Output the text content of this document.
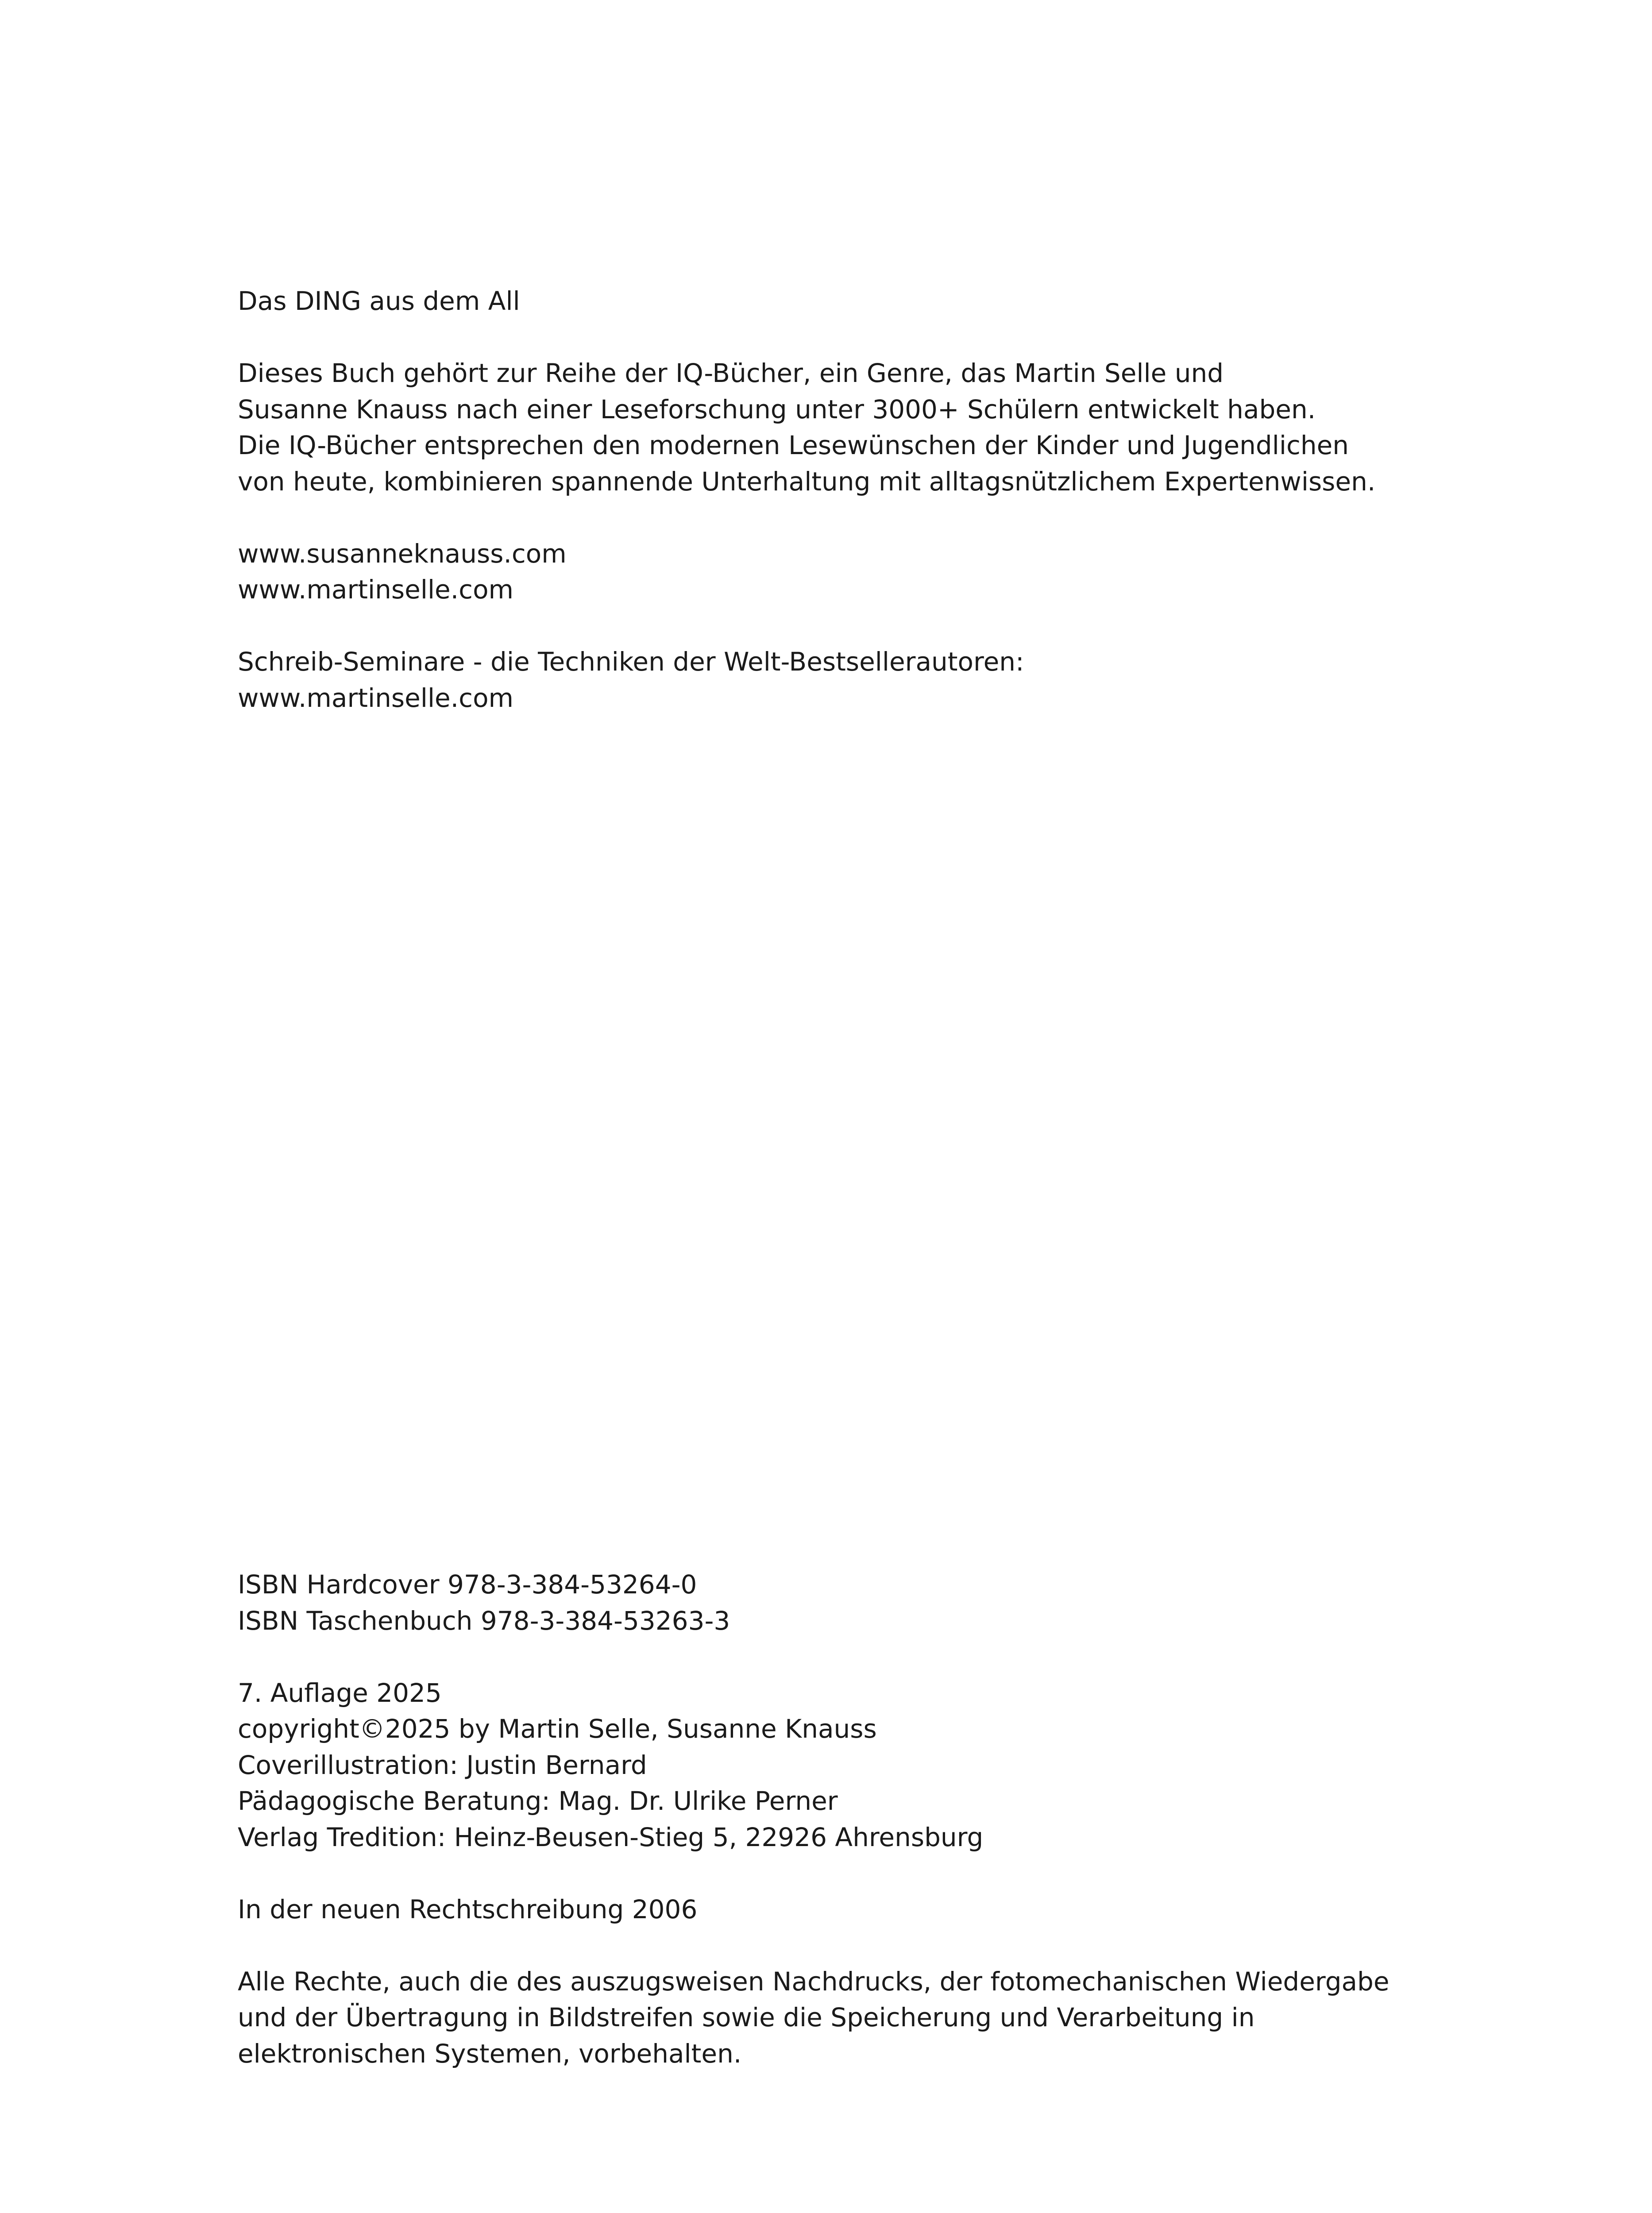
Das DING aus dem All
Dieses Buch gehört zur Reihe der IQ-Bücher, ein Genre, das Martin Selle und
Susanne Knauss nach einer Leseforschung unter 3000+ Schülern entwickelt haben.
Die IQ-Bücher entsprechen den modernen Lesewünschen der Kinder und Jugendlichen
von heute, kombinieren spannende Unterhaltung mit alltagsnützlichem Expertenwissen.
www.susanneknauss.com
www.martinselle.com
Schreib-Seminare - die Techniken der Welt-Bestsellerautoren:
www.martinselle.com
ISBN Hardcover 978-3-384-53264-0
ISBN Taschenbuch 978-3-384-53263-3
7. Auflage 2025
copyright©2025 by Martin Selle, Susanne Knauss
Coverillustration: Justin Bernard
Pädagogische Beratung: Mag. Dr. Ulrike Perner
Verlag Tredition: Heinz-Beusen-Stieg 5, 22926 Ahrensburg
In der neuen Rechtschreibung 2006
Alle Rechte, auch die des auszugsweisen Nachdrucks, der fotomechanischen Wiedergabe
und der Übertragung in Bildstreifen sowie die Speicherung und Verarbeitung in
elektronischen Systemen, vorbehalten.
